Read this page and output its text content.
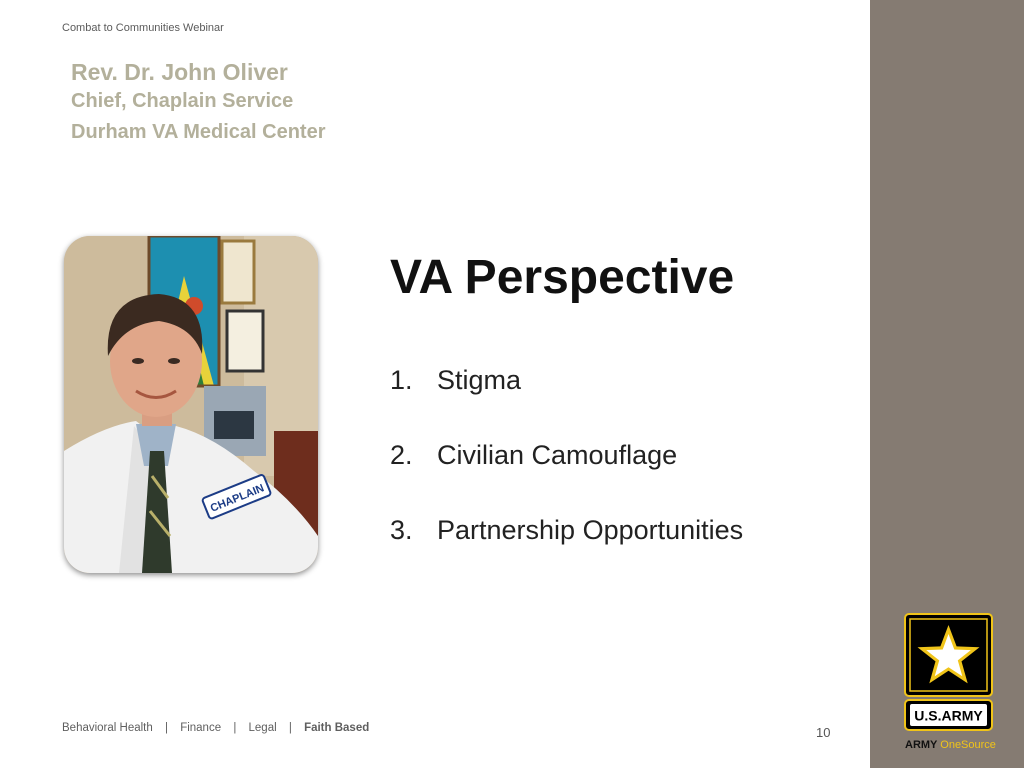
Combat to Communities Webinar
Rev. Dr. John Oliver
Chief, Chaplain Service
Durham VA Medical Center
CHAPLAIN
VA Perspective
1. Stigma
2. Civilian Camouflage
3. Partnership Opportunities
Behavioral Health | Finance | Legal | Faith Based	10
U.S.ARMY
ARMY OneSource
